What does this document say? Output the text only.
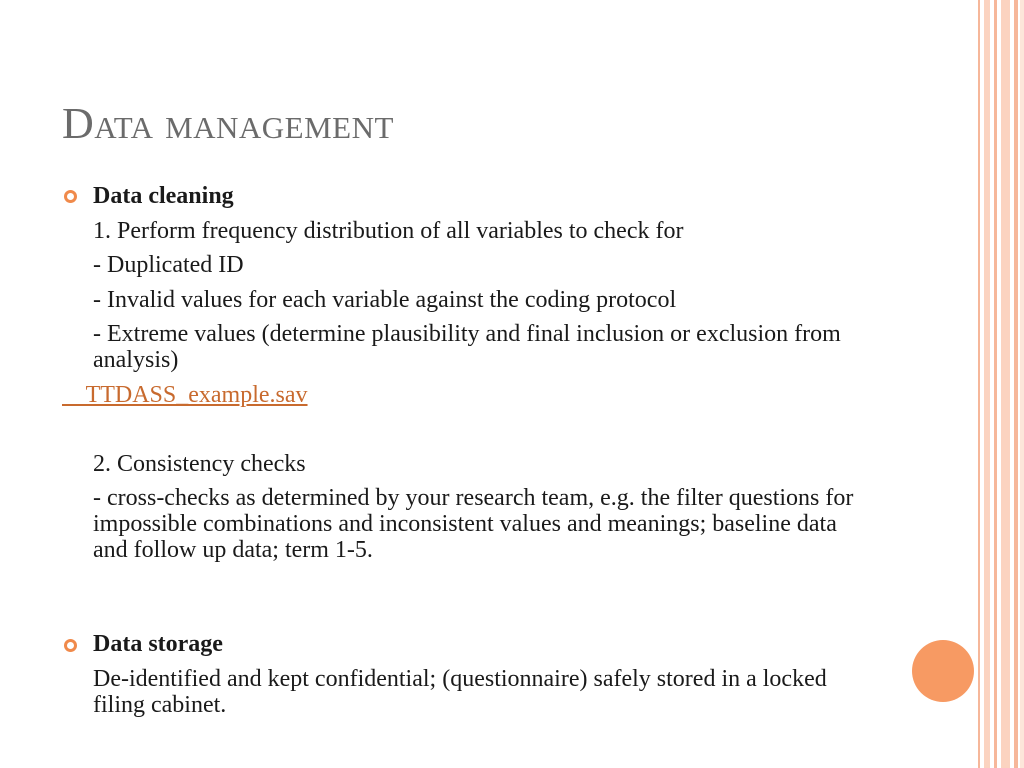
Data management

Data cleaning

1. Perform frequency distribution of all variables to check for

- Duplicated ID

- Invalid values for each variable against the coding protocol

- Extreme values (determine plausibility and final inclusion or exclusion from analysis)

TTDASS_example.sav

2. Consistency checks

- cross-checks as determined by your research team, e.g. the filter questions for impossible combinations and inconsistent values and meanings; baseline data and follow up data; term 1-5.

Data storage

De-identified and kept confidential; (questionnaire) safely stored in a locked filing cabinet.
